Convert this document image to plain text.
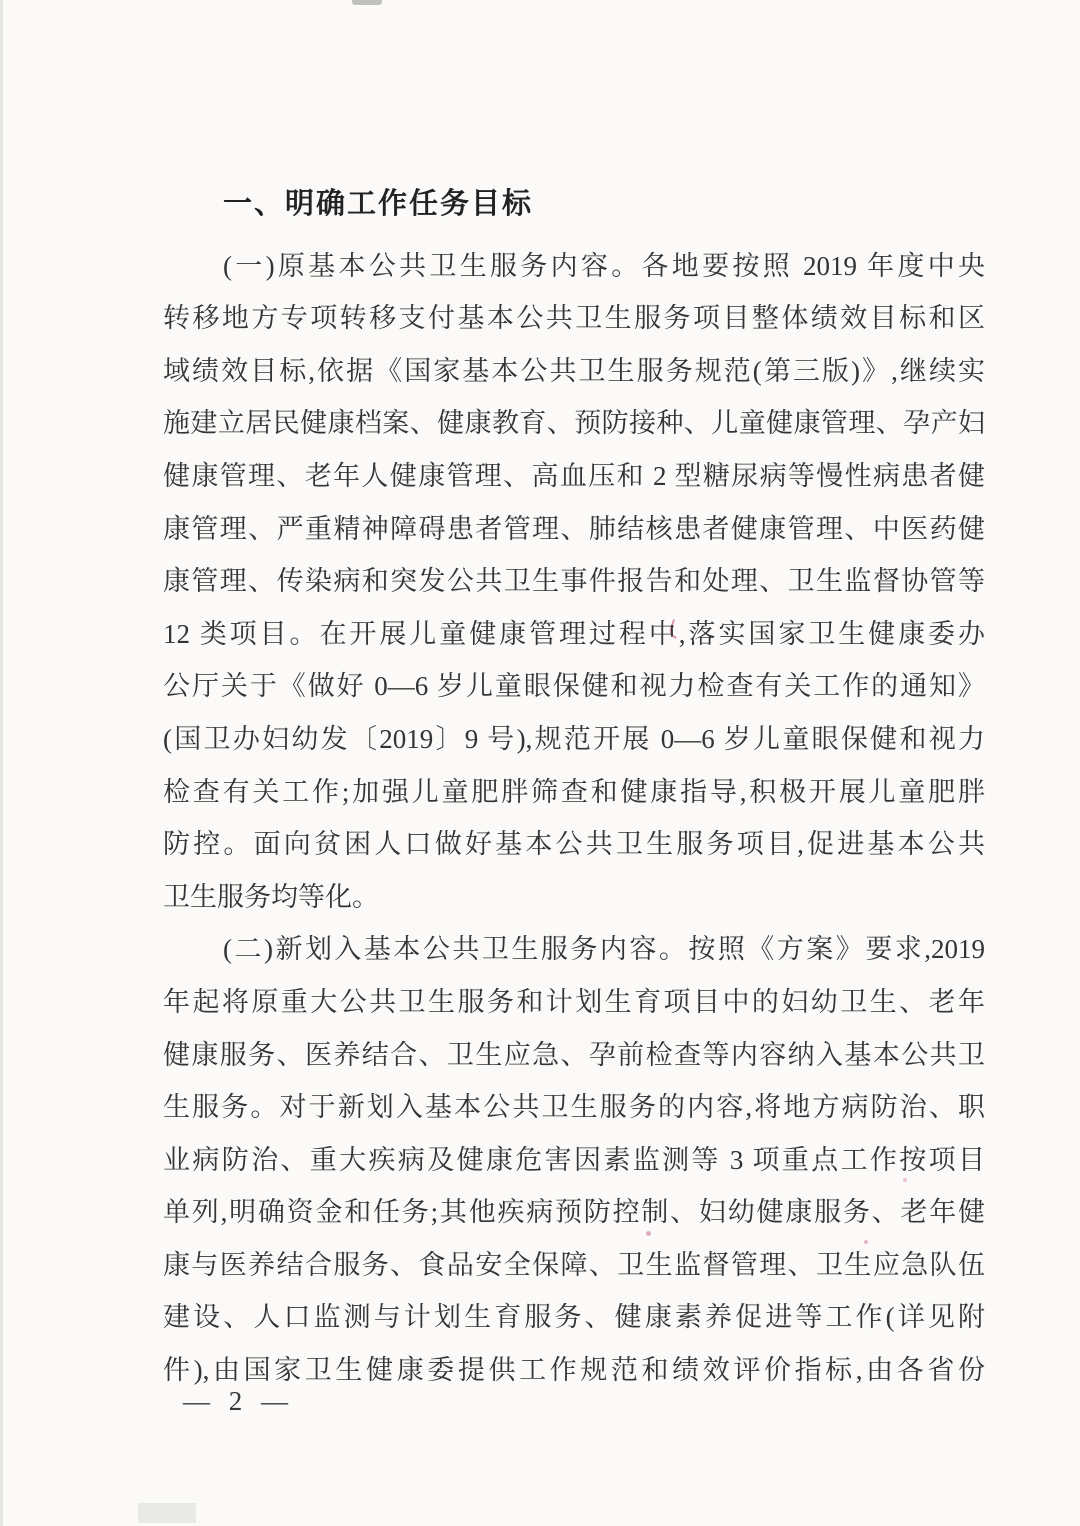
一、明确工作任务目标
(一)原基本公共卫生服务内容。各地要按照 2019 年度中央
转移地方专项转移支付基本公共卫生服务项目整体绩效目标和区
域绩效目标,依据《国家基本公共卫生服务规范(第三版)》,继续实
施建立居民健康档案、健康教育、预防接种、儿童健康管理、孕产妇
健康管理、老年人健康管理、高血压和 2 型糖尿病等慢性病患者健
康管理、严重精神障碍患者管理、肺结核患者健康管理、中医药健
康管理、传染病和突发公共卫生事件报告和处理、卫生监督协管等
12 类项目。在开展儿童健康管理过程中,落实国家卫生健康委办
公厅关于《做好 0—6 岁儿童眼保健和视力检查有关工作的通知》
(国卫办妇幼发〔2019〕9 号),规范开展 0—6 岁儿童眼保健和视力
检查有关工作;加强儿童肥胖筛查和健康指导,积极开展儿童肥胖
防控。面向贫困人口做好基本公共卫生服务项目,促进基本公共
卫生服务均等化。
(二)新划入基本公共卫生服务内容。按照《方案》要求,2019
年起将原重大公共卫生服务和计划生育项目中的妇幼卫生、老年
健康服务、医养结合、卫生应急、孕前检查等内容纳入基本公共卫
生服务。对于新划入基本公共卫生服务的内容,将地方病防治、职
业病防治、重大疾病及健康危害因素监测等 3 项重点工作按项目
单列,明确资金和任务;其他疾病预防控制、妇幼健康服务、老年健
康与医养结合服务、食品安全保障、卫生监督管理、卫生应急队伍
建设、人口监测与计划生育服务、健康素养促进等工作(详见附
件),由国家卫生健康委提供工作规范和绩效评价指标,由各省份
— 2 —
